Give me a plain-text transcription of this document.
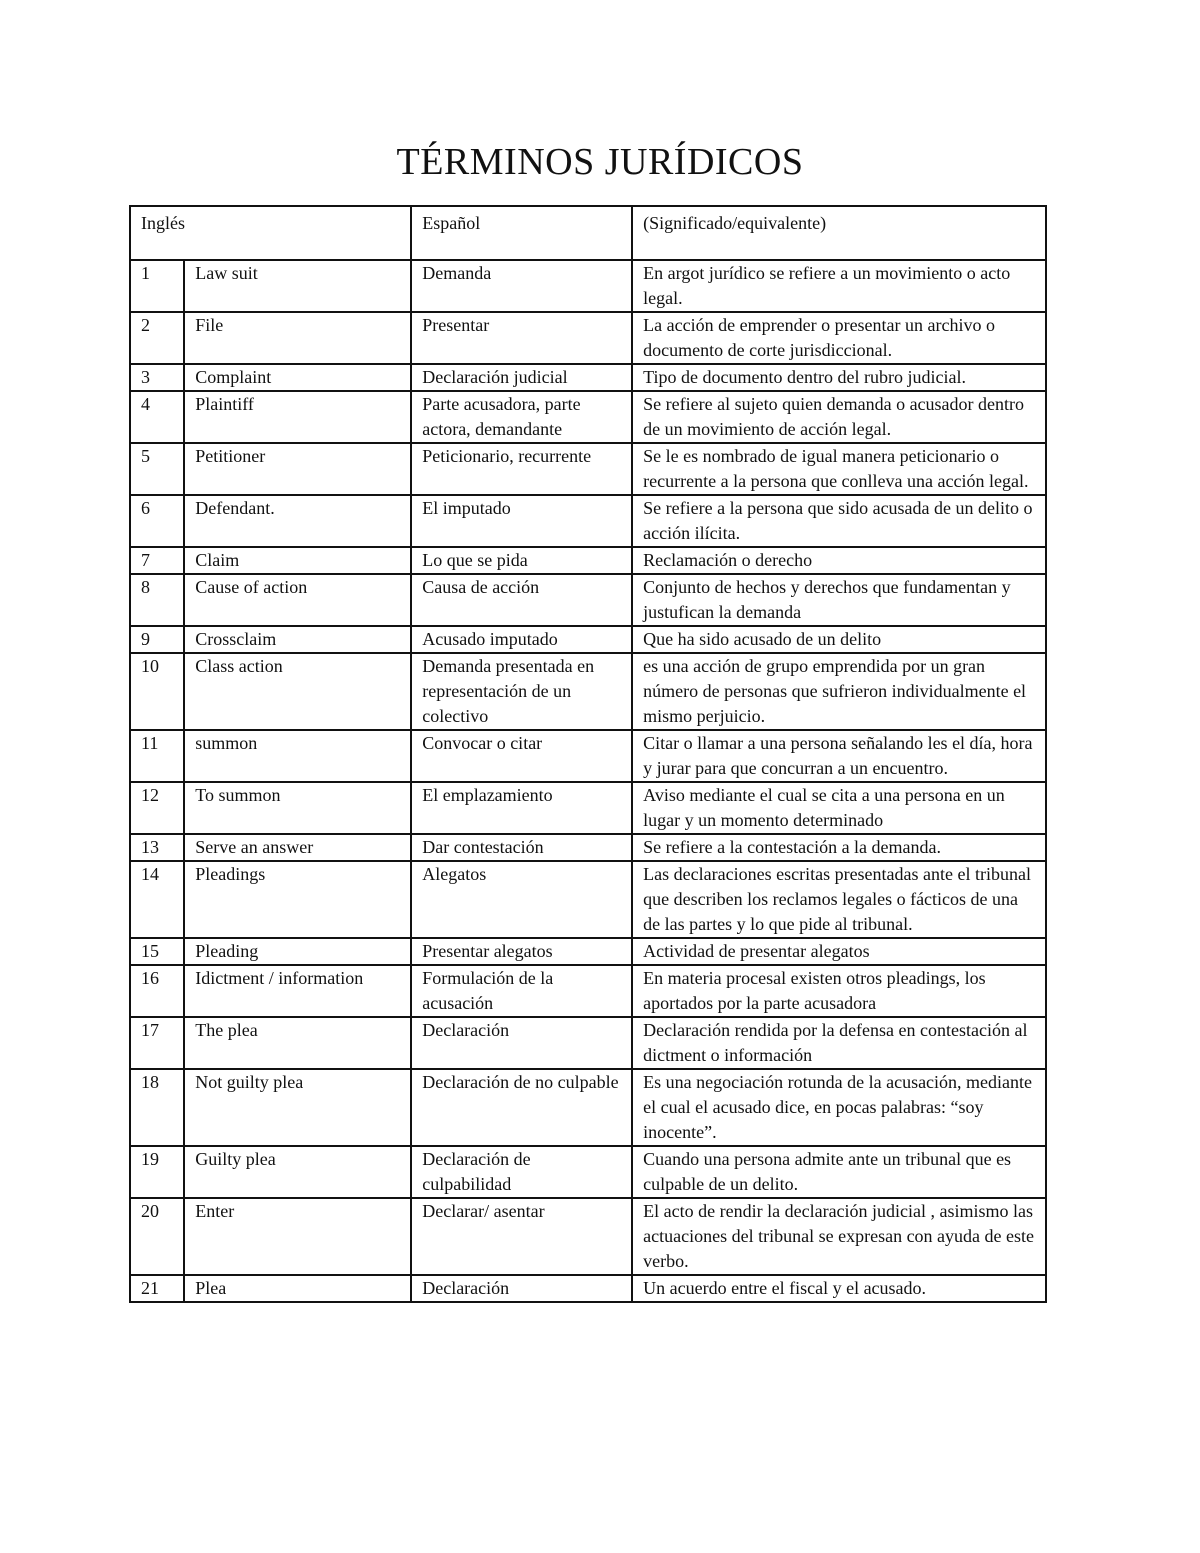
TÉRMINOS JURÍDICOS
Inglés		Español	(Significado/equivalente)
1	Law suit	Demanda	En argot jurídico se refiere a un movimiento o acto legal.
2	File	Presentar	La acción de emprender o presentar un archivo o documento de corte jurisdiccional.
3	Complaint	Declaración judicial	Tipo de documento dentro del rubro judicial.
4	Plaintiff	Parte acusadora, parte actora, demandante	Se refiere al sujeto quien demanda o acusador dentro de un movimiento de acción legal.
5	Petitioner	Peticionario, recurrente	Se le es nombrado de igual manera peticionario o recurrente a la persona que conlleva una acción legal.
6	Defendant.	El imputado	Se refiere a la persona que sido acusada de un delito o acción ilícita.
7	Claim	Lo que se pida	Reclamación o derecho
8	Cause of action	Causa de acción	Conjunto de hechos y derechos que fundamentan y justufican la demanda
9	Crossclaim	Acusado imputado	Que ha sido acusado de un delito
10	Class action	Demanda presentada en representación de un colectivo	es una acción de grupo emprendida por un gran número de personas que sufrieron individualmente el mismo perjuicio.
11	summon	Convocar o citar	Citar o llamar a una persona señalando les el día, hora y jurar para que concurran a un encuentro.
12	To summon	El emplazamiento	Aviso mediante el cual se cita a una persona en un lugar y un momento determinado
13	Serve an answer	Dar contestación	Se refiere a la contestación a la demanda.
14	Pleadings	Alegatos	Las declaraciones escritas presentadas ante el tribunal que describen los reclamos legales o fácticos de una de las partes y lo que pide al tribunal.
15	Pleading	Presentar alegatos	Actividad de presentar alegatos
16	Idictment / information	Formulación de la acusación	En materia procesal existen otros pleadings, los aportados por la parte acusadora
17	The plea	Declaración	Declaración rendida por la defensa en contestación al dictment o información
18	Not guilty plea	Declaración de no culpable	Es una negociación rotunda de la acusación, mediante el cual el acusado dice, en pocas palabras: “soy inocente”.
19	Guilty plea	Declaración de culpabilidad	Cuando una persona admite ante un tribunal que es culpable de un delito.
20	Enter	Declarar/ asentar	El acto de rendir la declaración judicial , asimismo las actuaciones del tribunal se expresan con ayuda de este verbo.
21	Plea	Declaración	Un acuerdo entre el fiscal y el acusado.
